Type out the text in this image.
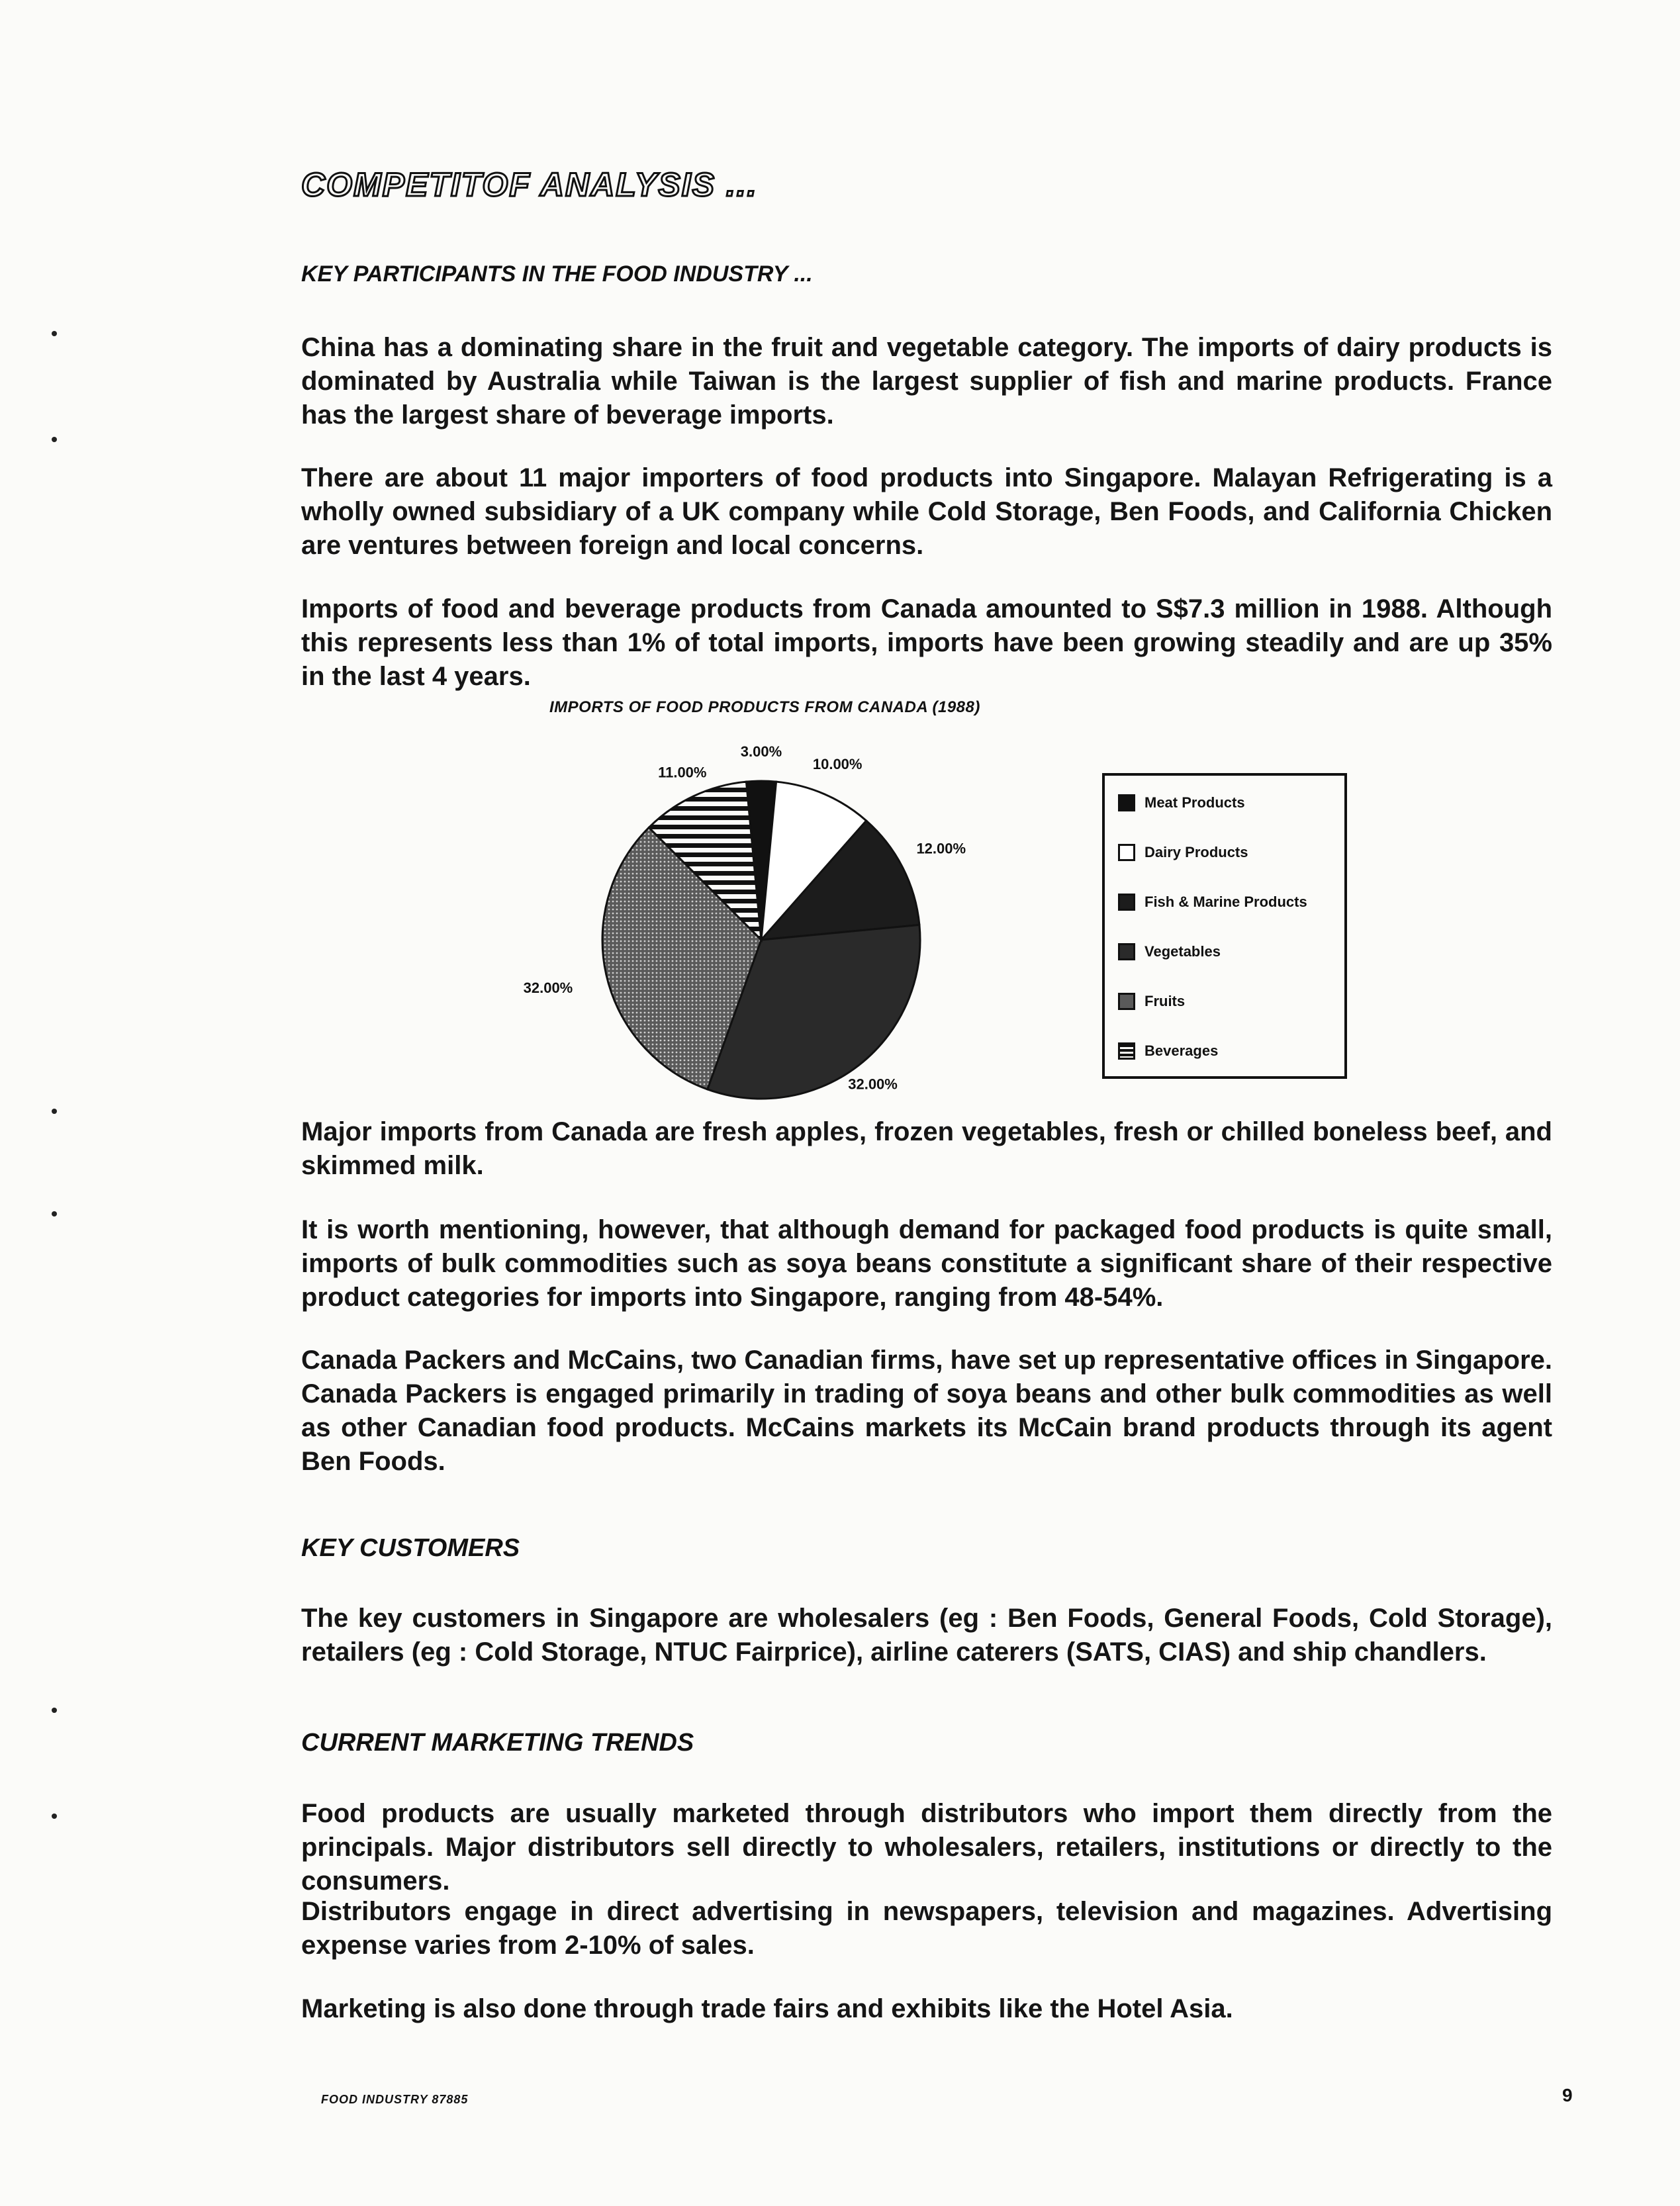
COMPETITOF ANALYSIS ...
KEY PARTICIPANTS IN THE FOOD INDUSTRY ...
China has a dominating share in the fruit and vegetable category. The imports of dairy products is dominated by Australia while Taiwan is the largest supplier of fish and marine products. France has the largest share of beverage imports.
There are about 11 major importers of food products into Singapore. Malayan Refrigerating is a wholly owned subsidiary of a UK company while Cold Storage, Ben Foods, and California Chicken are ventures between foreign and local concerns.
Imports of food and beverage products from Canada amounted to S$7.3 million in 1988. Although this represents less than 1% of total imports, imports have been growing steadily and are up 35% in the last 4 years.
IMPORTS OF FOOD PRODUCTS FROM CANADA (1988)
3.00%
10.00%
12.00%
32.00%
32.00%
11.00%
Meat Products
Dairy Products
Fish & Marine Products
Vegetables
Fruits
Beverages
Major imports from Canada are fresh apples, frozen vegetables, fresh or chilled boneless beef, and skimmed milk.
It is worth mentioning, however, that although demand for packaged food products is quite small, imports of bulk commodities such as soya beans constitute a significant share of their respective product categories for imports into Singapore, ranging from 48-54%.
Canada Packers and McCains, two Canadian firms, have set up representative offices in Singapore. Canada Packers is engaged primarily in trading of soya beans and other bulk commodities as well as other Canadian food products. McCains markets its McCain brand products through its agent Ben Foods.
KEY CUSTOMERS
The key customers in Singapore are wholesalers (eg : Ben Foods, General Foods, Cold Storage), retailers (eg : Cold Storage, NTUC Fairprice), airline caterers (SATS, CIAS) and ship chandlers.
CURRENT MARKETING TRENDS
Food products are usually marketed through distributors who import them directly from the principals. Major distributors sell directly to wholesalers, retailers, institutions or directly to the consumers.
Distributors engage in direct advertising in newspapers, television and magazines. Advertising expense varies from 2-10% of sales.
Marketing is also done through trade fairs and exhibits like the Hotel Asia.
FOOD INDUSTRY 87885	9
